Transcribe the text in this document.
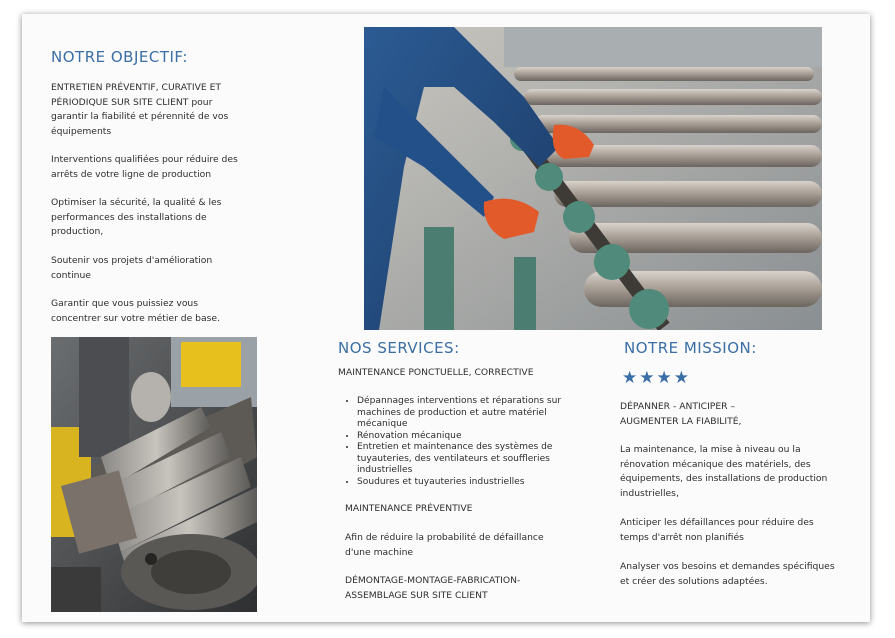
NOTRE OBJECTIF:

ENTRETIEN PRÉVENTIF, CURATIVE ET PÉRIODIQUE SUR SITE CLIENT pour garantir la fiabilité et pérennité de vos équipements

Interventions qualifiées pour réduire des arrêts de votre ligne de production

Optimiser la sécurité, la qualité & les performances des installations de production,

Soutenir vos projets d'amélioration continue

Garantir que vous puissiez vous concentrer sur votre métier de base.

NOS SERVICES:

MAINTENANCE PONCTUELLE, CORRECTIVE

• Dépannages interventions et réparations sur machines de production et autre matériel mécanique
• Rénovation mécanique
• Entretien et maintenance des systèmes de tuyauteries, des ventilateurs et souffleries industrielles
• Soudures et tuyauteries industrielles

MAINTENANCE PRÉVENTIVE

Afin de réduire la probabilité de défaillance d'une machine

DÉMONTAGE-MONTAGE-FABRICATION-ASSEMBLAGE SUR SITE CLIENT

NOTRE MISSION:
★★★★

DÉPANNER - ANTICIPER – AUGMENTER LA FIABILITÉ,

La maintenance, la mise à niveau ou la rénovation mécanique des matériels, des équipements, des installations de production industrielles,

Anticiper les défaillances pour réduire des temps d'arrêt non planifiés

Analyser vos besoins et demandes spécifiques et créer des solutions adaptées.
